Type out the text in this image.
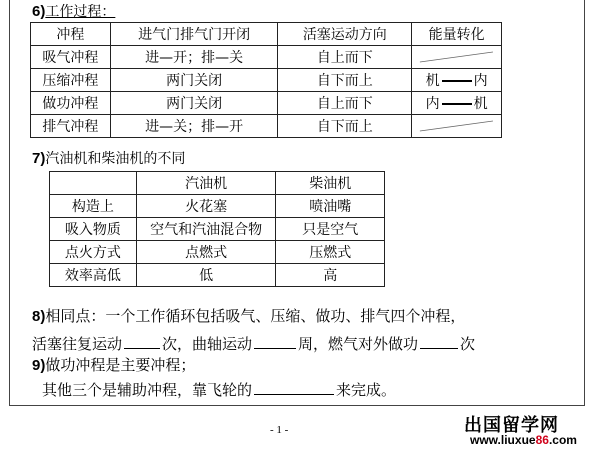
6)工作过程：
冲程	进气门排气门开闭	活塞运动方向	能量转化
吸气冲程	进—开；排—关	自上而下	

压缩冲程	两门关闭	自下而上	机 内
做功冲程	两门关闭	自上而下	内 机
排气冲程	进—关；排—开	自下而上	
7)汽油机和柴油机的不同
	汽油机	柴油机
构造上	火花塞	喷油嘴
吸入物质	空气和汽油混合物	只是空气
点火方式	点燃式	压燃式
效率高低	低	高
8)相同点：一个工作循环包括吸气、压缩、做功、排气四个冲程，
活塞往复运动	次，曲轴运动	周，燃气对外做功	次
9)做功冲程是主要冲程；
其他三个是辅助冲程，靠飞轮的	来完成。
- 1 -	出国留学网
www.liuxue86.com
